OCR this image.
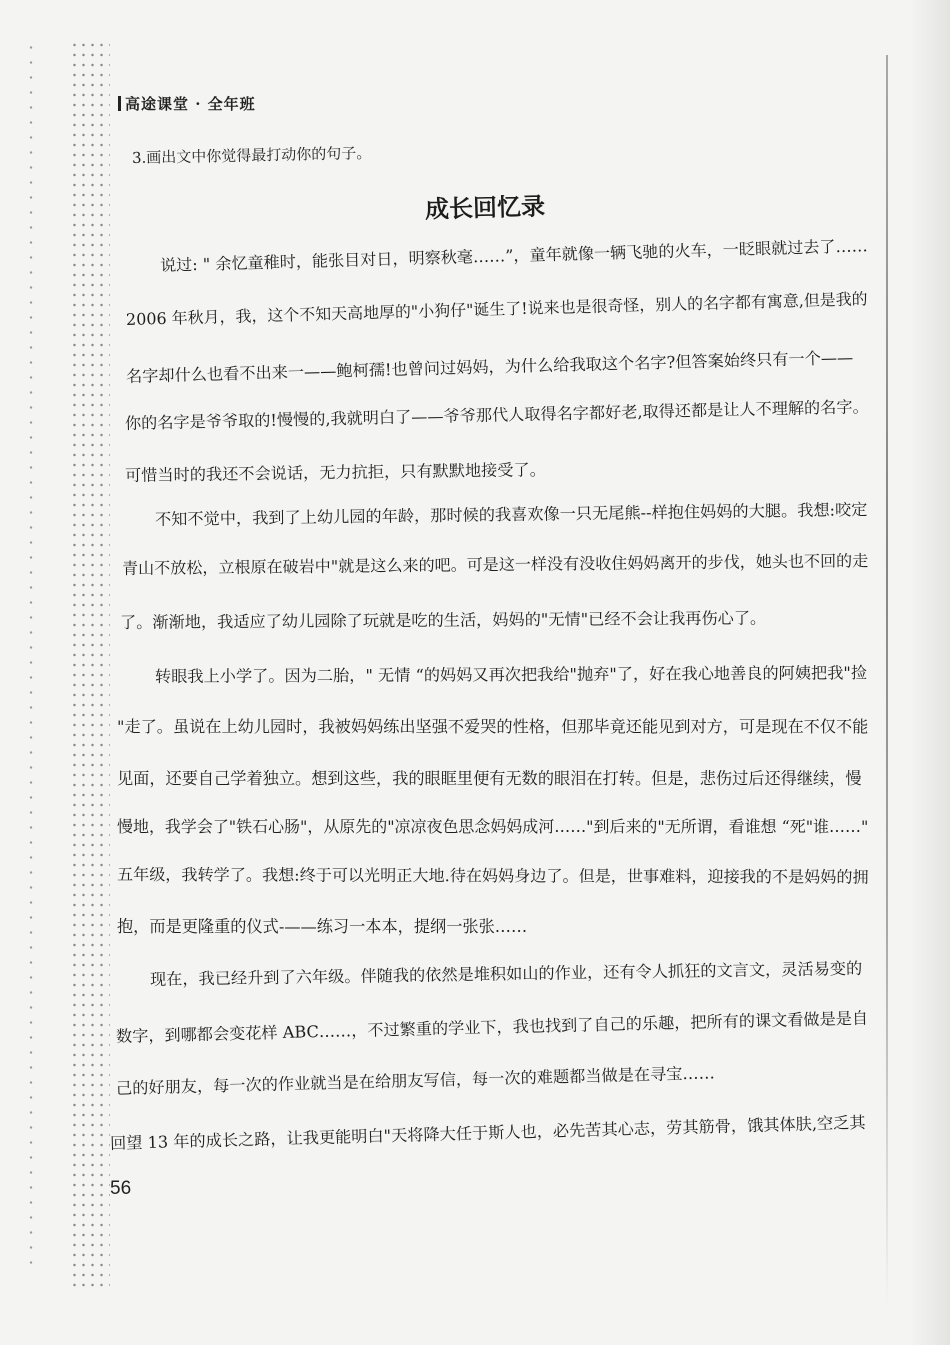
高途课堂 · 全年班
3.画出文中你觉得最打动你的句子。
成长回忆录
说过: " 余忆童稚时，能张目对日，明察秋毫……”，童年就像一辆飞驰的火车，一眨眼就过去了……
2006 年秋月，我，这个不知天高地厚的"小狗仔"诞生了!说来也是很奇怪，别人的名字都有寓意,但是我的
名字却什么也看不出来一——鲍柯孺!也曾问过妈妈，为什么给我取这个名字?但答案始终只有一个——
你的名字是爷爷取的!慢慢的,我就明白了——爷爷那代人取得名字都好老,取得还都是让人不理解的名字。
可惜当时的我还不会说话，无力抗拒，只有默默地接受了。
不知不觉中，我到了上幼儿园的年龄，那时候的我喜欢像一只无尾熊--样抱住妈妈的大腿。我想:咬定
青山不放松，立根原在破岩中"就是这么来的吧。可是这一样没有没收住妈妈离开的步伐，她头也不回的走
了。渐渐地，我适应了幼儿园除了玩就是吃的生活，妈妈的"无情"已经不会让我再伤心了。
转眼我上小学了。因为二胎，" 无情 “的妈妈又再次把我给"抛弃"了，好在我心地善良的阿姨把我"捡
"走了。虽说在上幼儿园时，我被妈妈练出坚强不爱哭的性格，但那毕竟还能见到对方，可是现在不仅不能
见面，还要自己学着独立。想到这些，我的眼眶里便有无数的眼泪在打转。但是，悲伤过后还得继续，慢
慢地，我学会了"铁石心肠"，从原先的"凉凉夜色思念妈妈成河……"到后来的"无所谓，看谁想 “死"谁……"
五年级，我转学了。我想:终于可以光明正大地.待在妈妈身边了。但是，世事难料，迎接我的不是妈妈的拥
抱，而是更隆重的仪式-——练习一本本，提纲一张张……
现在，我已经升到了六年级。伴随我的依然是堆积如山的作业，还有令人抓狂的文言文，灵活易变的
数字，到哪都会变花样 ABC……，不过繁重的学业下，我也找到了自己的乐趣，把所有的课文看做是是自
己的好朋友，每一次的作业就当是在给朋友写信，每一次的难题都当做是在寻宝……
回望 13 年的成长之路，让我更能明白"天将降大任于斯人也，必先苦其心志，劳其筋骨，饿其体肤,空乏其
56
